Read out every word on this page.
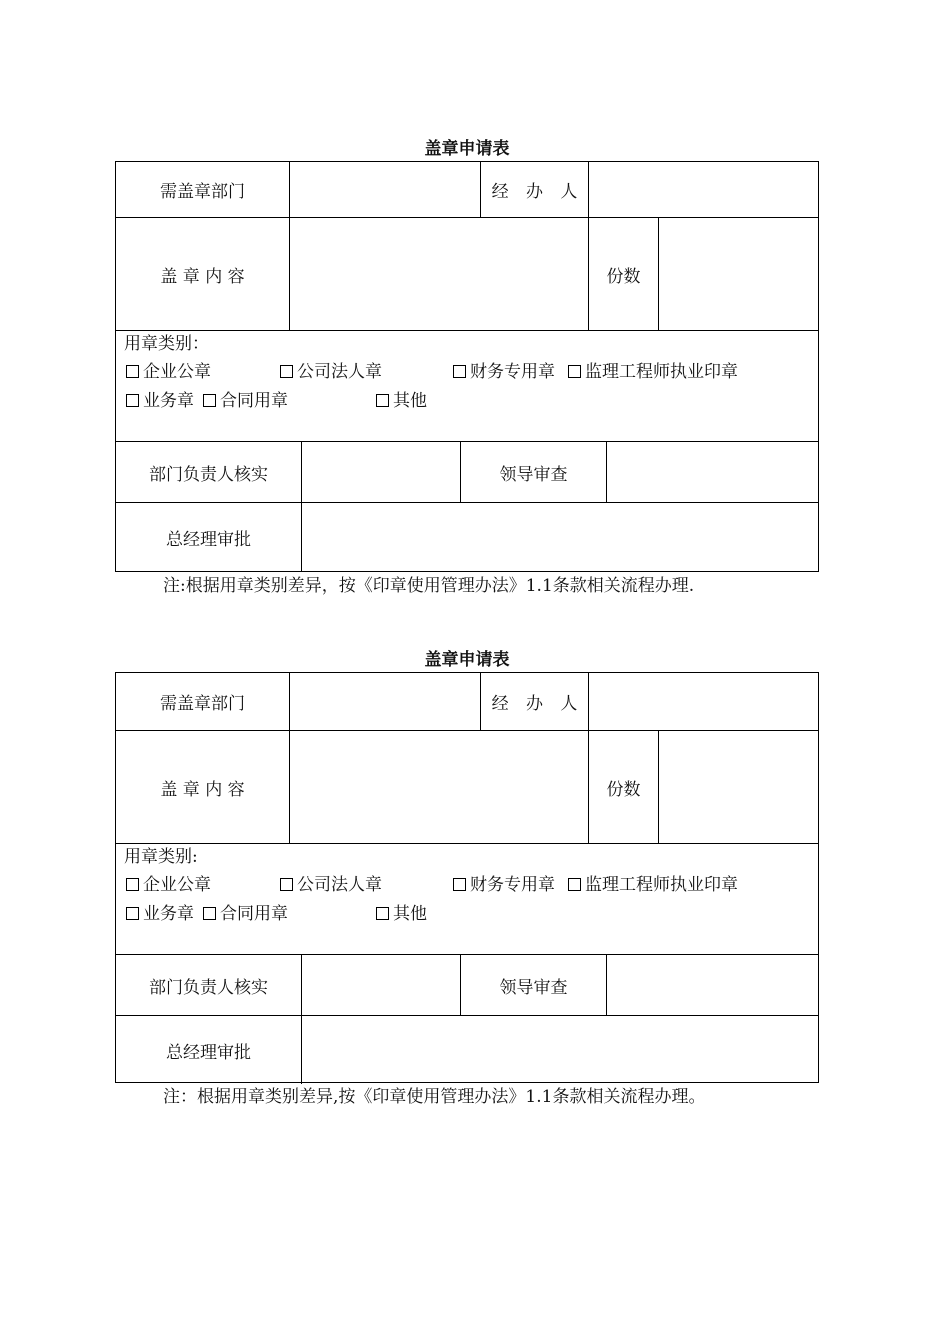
盖章申请表
需盖章部门	经 办 人
盖 章 内 容	份数
用章类别：
企业公章	公司法人章	财务专用章	监理工程师执业印章
业务章	合同用章	其他
部门负责人核实	领导审查
总经理审批
注:根据用章类别差异，按《印章使用管理办法》1.1条款相关流程办理.
盖章申请表
需盖章部门	经 办 人
盖 章 内 容	份数
用章类别:
企业公章	公司法人章	财务专用章	监理工程师执业印章
业务章	合同用章	其他
部门负责人核实	领导审查
总经理审批
注：根据用章类别差异,按《印章使用管理办法》1.1条款相关流程办理。
